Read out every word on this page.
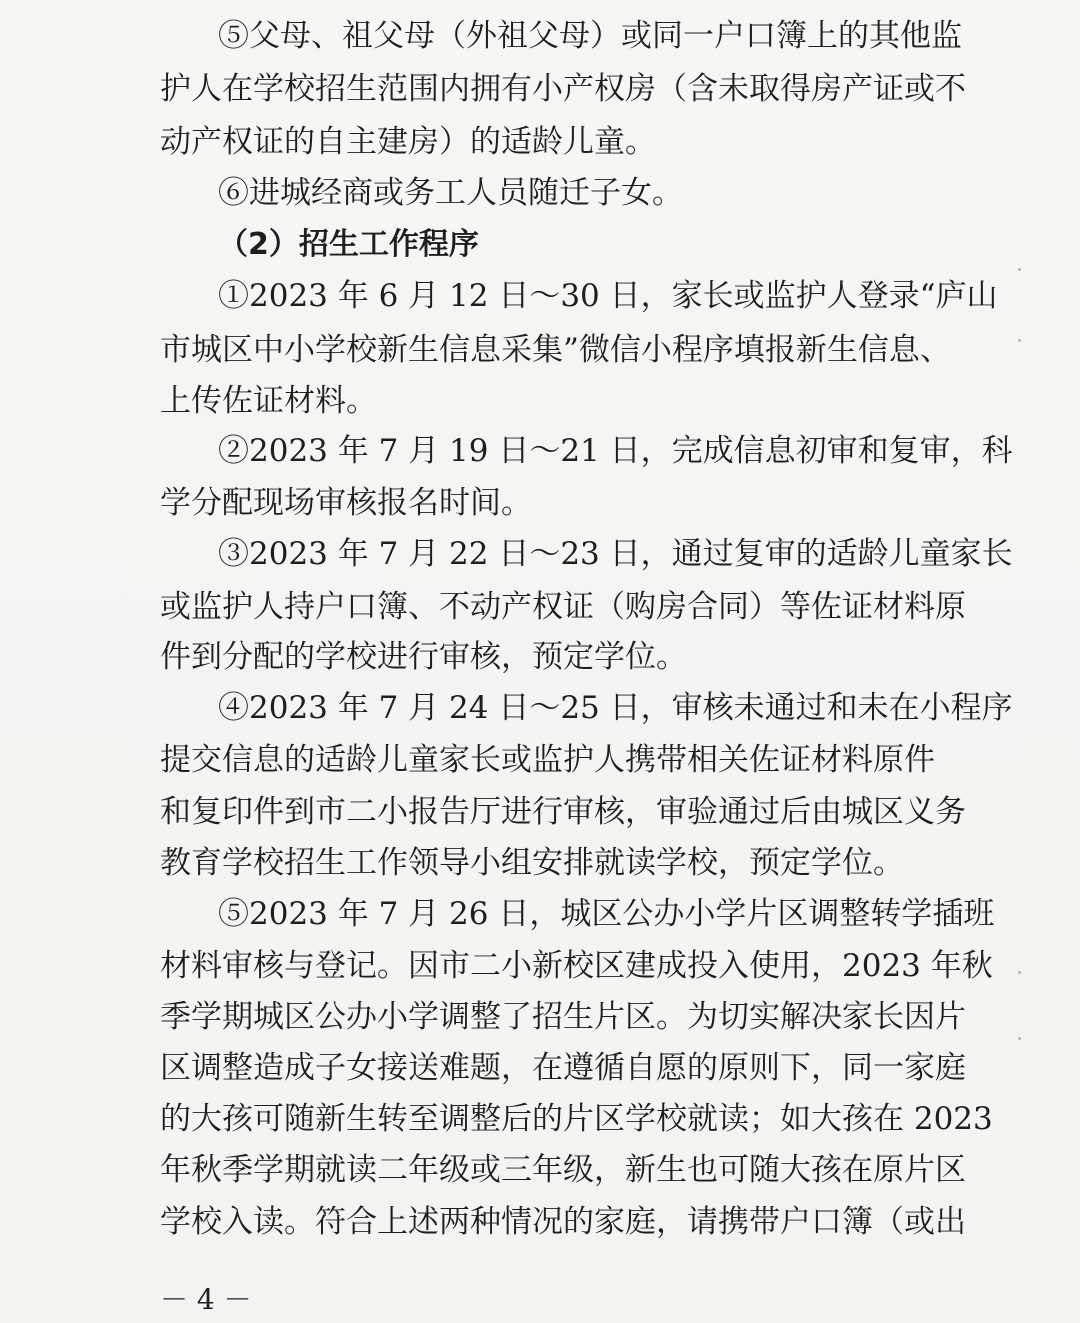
⑤父母、祖父母（外祖父母）或同一户口簿上的其他监
护人在学校招生范围内拥有小产权房（含未取得房产证或不
动产权证的自主建房）的适龄儿童。
⑥进城经商或务工人员随迁子女。
（2）招生工作程序
①2023 年 6 月 12 日～30 日，家长或监护人登录“庐山
市城区中小学校新生信息采集”微信小程序填报新生信息、
上传佐证材料。
②2023 年 7 月 19 日～21 日，完成信息初审和复审，科
学分配现场审核报名时间。
③2023 年 7 月 22 日～23 日，通过复审的适龄儿童家长
或监护人持户口簿、不动产权证（购房合同）等佐证材料原
件到分配的学校进行审核，预定学位。
④2023 年 7 月 24 日～25 日，审核未通过和未在小程序
提交信息的适龄儿童家长或监护人携带相关佐证材料原件
和复印件到市二小报告厅进行审核，审验通过后由城区义务
教育学校招生工作领导小组安排就读学校，预定学位。
⑤2023 年 7 月 26 日，城区公办小学片区调整转学插班
材料审核与登记。因市二小新校区建成投入使用，2023 年秋
季学期城区公办小学调整了招生片区。为切实解决家长因片
区调整造成子女接送难题，在遵循自愿的原则下，同一家庭
的大孩可随新生转至调整后的片区学校就读；如大孩在 2023
年秋季学期就读二年级或三年级，新生也可随大孩在原片区
学校入读。符合上述两种情况的家庭，请携带户口簿（或出
－ 4 －
